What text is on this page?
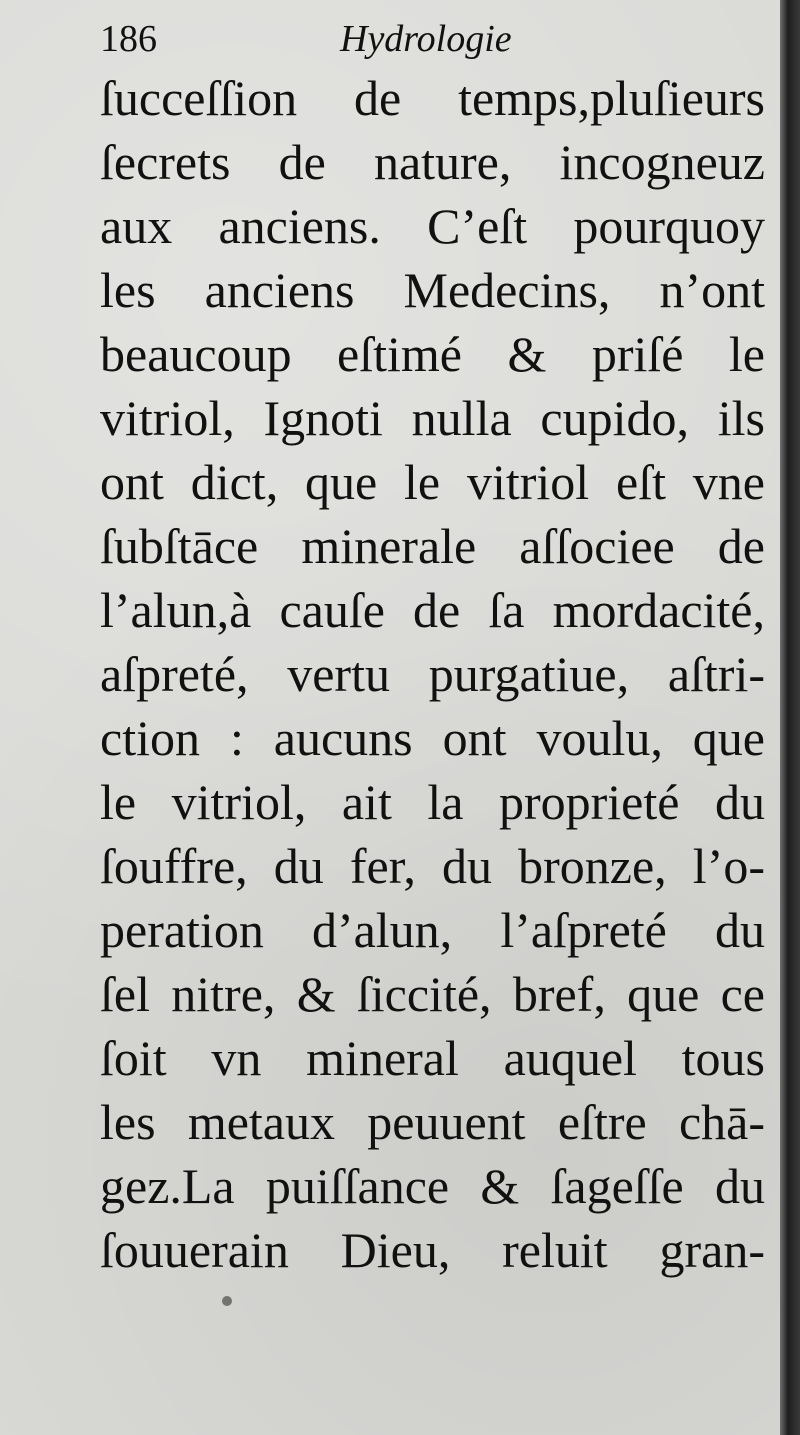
186	Hydrologie
ſucceſſion de temps,pluſieurs
ſecrets de nature, incogneuz
aux anciens. C’eſt pourquoy
les anciens Medecins, n’ont
beaucoup eſtimé & priſé le
vitriol, Ignoti nulla cupido, ils
ont dict, que le vitriol eſt vne
ſubſtāce minerale aſſociee de
l’alun,à cauſe de ſa mordacité,
aſpreté, vertu purgatiue, aſtri-
ction : aucuns ont voulu, que
le vitriol, ait la proprieté du
ſouffre, du fer, du bronze, l’o-
peration d’alun, l’aſpreté du
ſel nitre, & ſiccité, bref, que ce
ſoit vn mineral auquel tous
les metaux peuuent eſtre chā-
gez.La puiſſance & ſageſſe du
ſouuerain Dieu, reluit gran-
